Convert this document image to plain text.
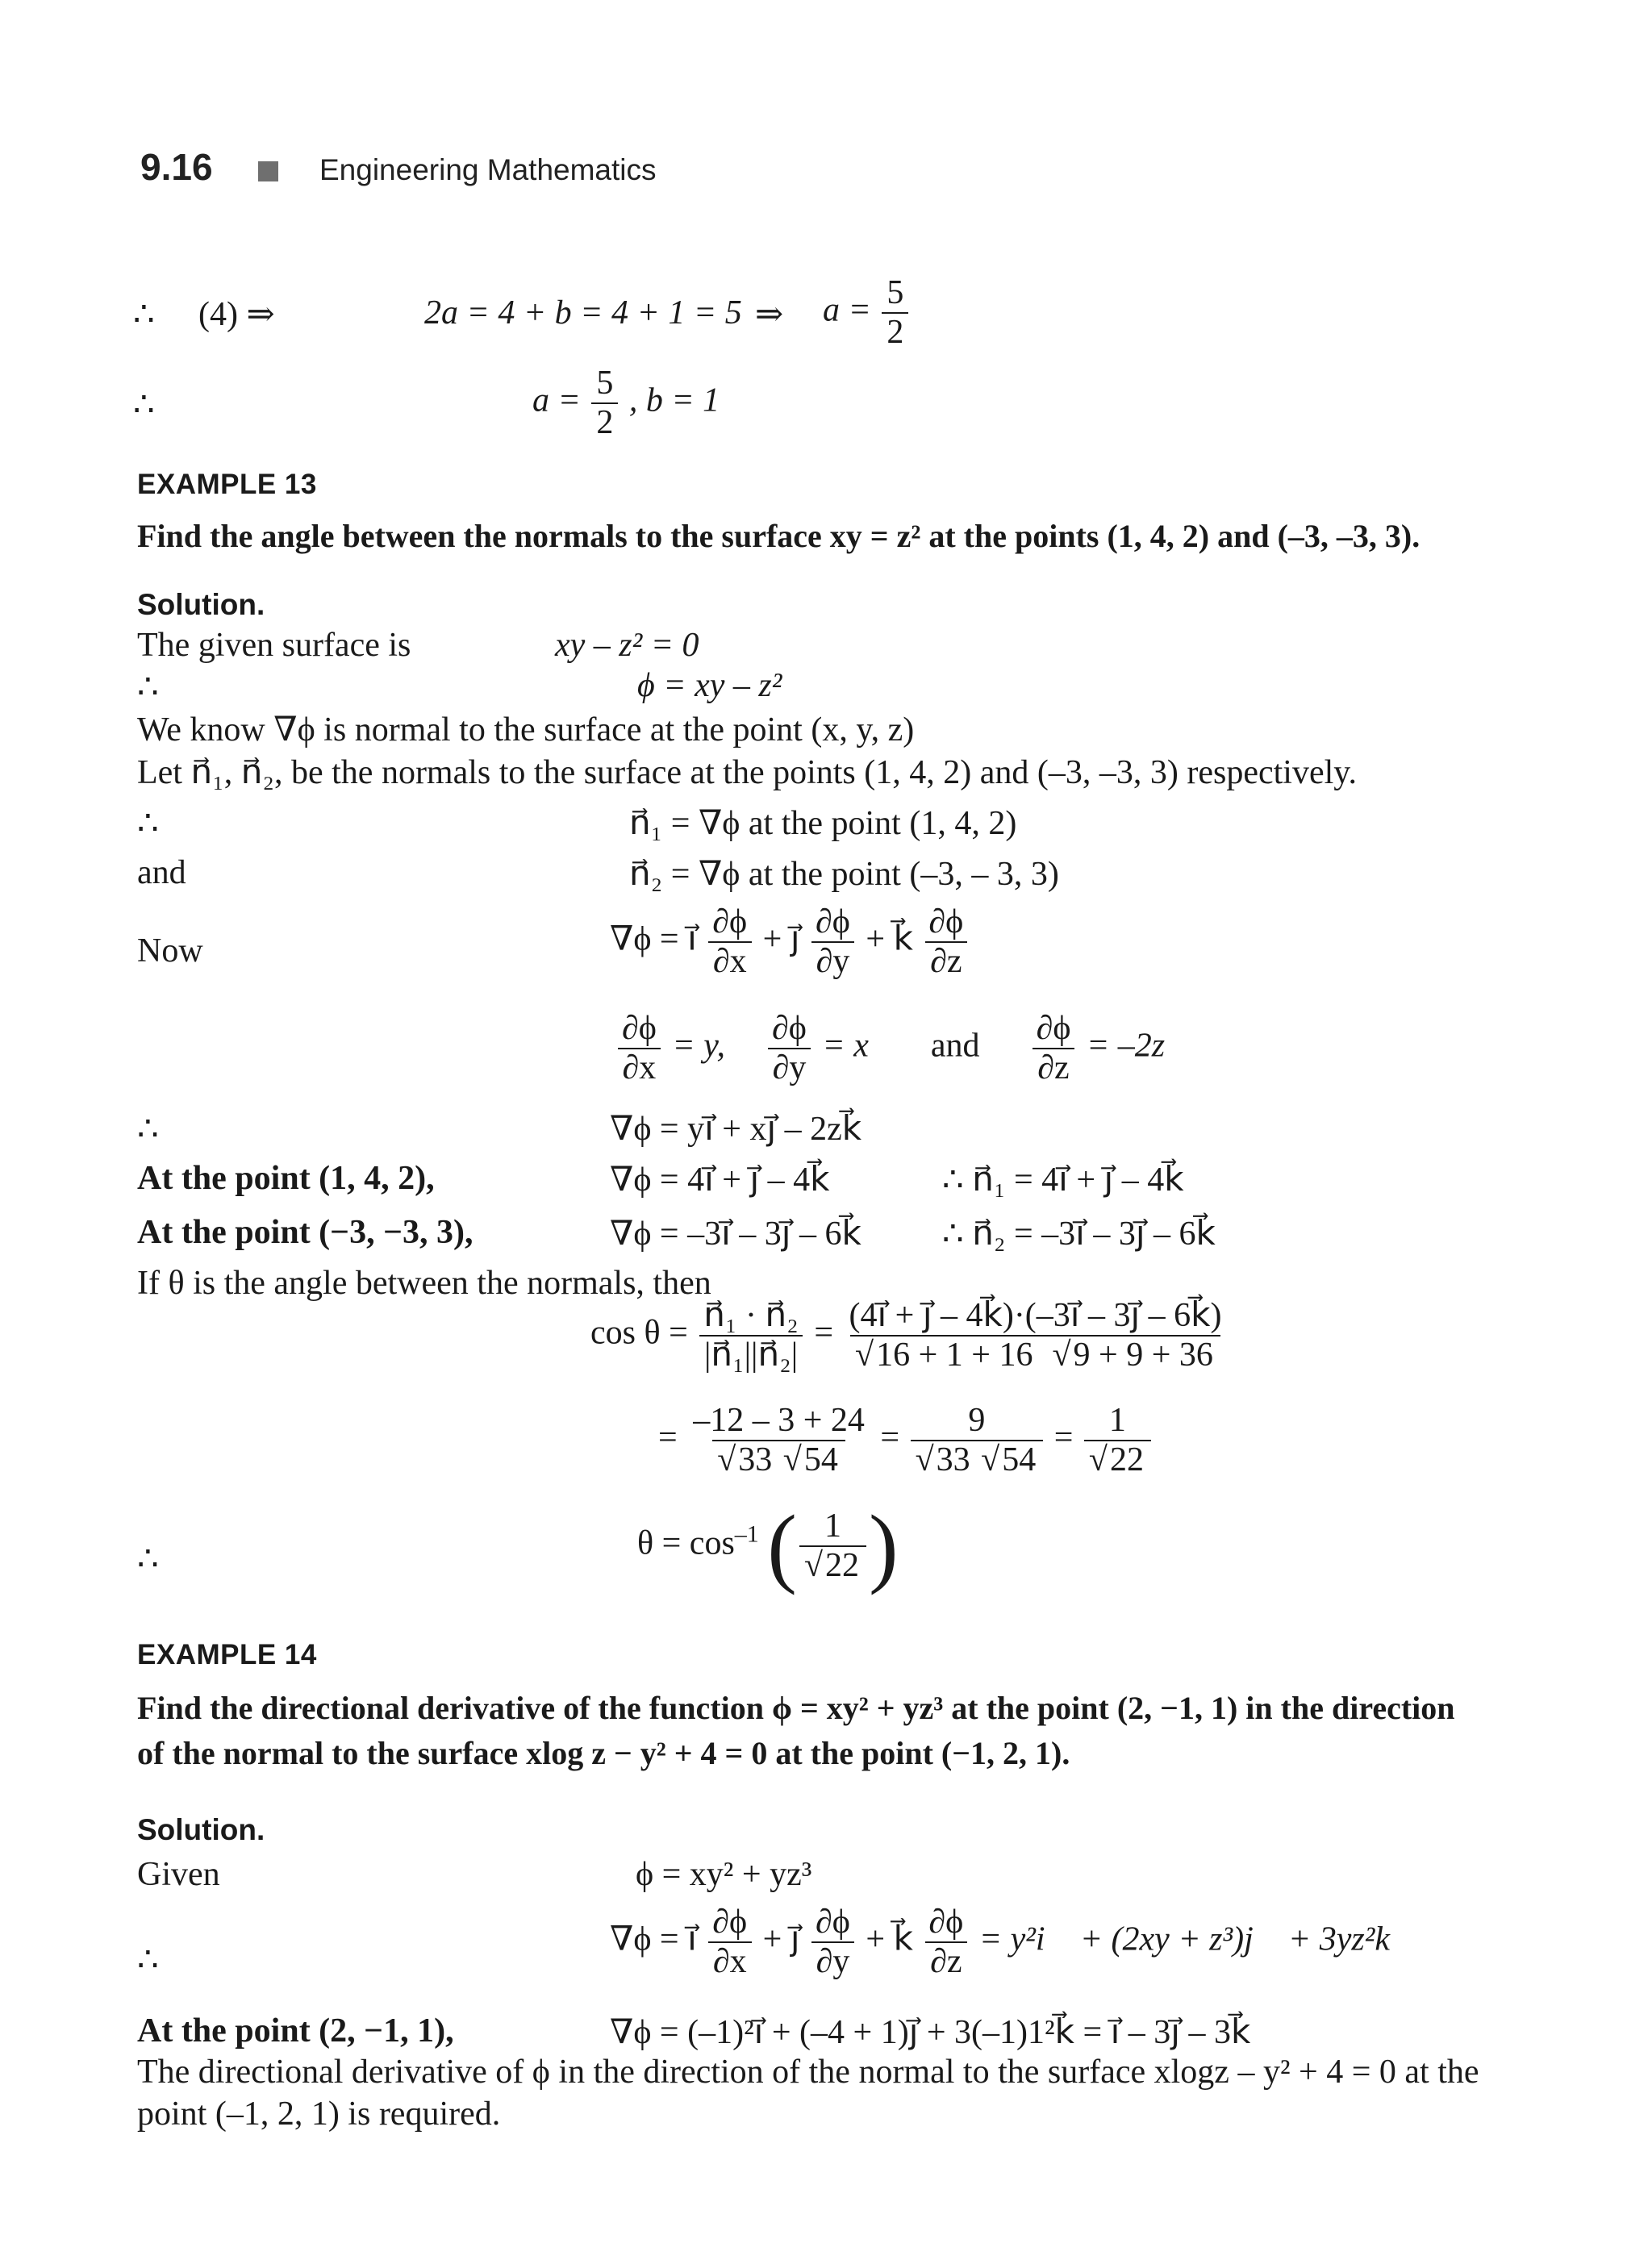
9.16	Engineering Mathematics
∴ (4) ⇒	2a = 4 + b = 4 + 1 = 5 ⇒ $a = \frac{5}{2}$
∴	$a = \frac{5}{2}$ , b = 1
EXAMPLE 13
Find the angle between the normals to the surface xy = z² at the points (1, 4, 2) and (–3, –3, 3).
Solution.
The given surface is	xy – z² = 0
∴	ϕ = xy – z²
We know ∇ϕ is normal to the surface at the point (x, y, z)
Let n⃗₁, n⃗₂, be the normals to the surface at the points (1, 4, 2) and (–3, –3, 3) respectively.
∴	n⃗₁ = ∇ϕ at the point (1, 4, 2)
and	n⃗₂ = ∇ϕ at the point (–3, – 3, 3)
Now	∇ϕ = i⃗ $\frac{\partial\phi}{\partial x}$ + j⃗ $\frac{\partial\phi}{\partial y}$ + k⃗ $\frac{\partial\phi}{\partial z}$
$\frac{\partial\phi}{\partial x} = y$, $\frac{\partial\phi}{\partial y} = x$ and $\frac{\partial\phi}{\partial z} = -2z$
∴	∇ϕ = yi⃗ + xj⃗ – 2zk⃗
At the point (1, 4, 2),	∇ϕ = 4i⃗ + j⃗ – 4k⃗	∴ n⃗₁ = 4i⃗ + j⃗ – 4k⃗
At the point (−3, −3, 3),	∇ϕ = –3i⃗ – 3j⃗ – 6k⃗ ∴ n⃗₂ = –3i⃗ – 3j⃗ – 6k⃗
If θ is the angle between the normals, then
$\cos \theta = \frac{\text{n⃗₁ · n⃗₂}}{\text{|n⃗₁||n⃗₂|}} = \frac{(4i⃗ + j⃗ - 4k⃗)\cdot(-3i⃗ - 3j⃗ - 6k⃗)}{√16 + 1 + 16 √9 + 9 + 36}$
= $\frac{-12 - 3 + 24}{√33 √54} = \frac{9}{√33 √54} = \frac{1}{√22}$
∴	$\theta = \cos^{-1}$ ( $\frac{1}{√22}$ )
EXAMPLE 14
Find the directional derivative of the function ϕ = xy² + yz³ at the point (2, −1, 1) in the direction
of the normal to the surface xlog z − y² + 4 = 0 at the point (−1, 2, 1).
Solution.
Given	ϕ = xy² + yz³
∴
∇ϕ = i⃗ $\frac{\partial\phi}{\partial x}$ + j⃗ $\frac{\partial\phi}{\partial y}$ + k⃗ $\frac{\partial\phi}{\partial z}$ = y²i⃗ + (2xy + z³)j⃗ + 3yz²k⃗
At the point (2, −1, 1),	∇ϕ = (–1)²i⃗ + (–4 + 1)j⃗ + 3(–1)1²k⃗ = i⃗ – 3j⃗ – 3k⃗
The directional derivative of ϕ in the direction of the normal to the surface xlogz – y² + 4 = 0 at the
point (–1, 2, 1) is required.
